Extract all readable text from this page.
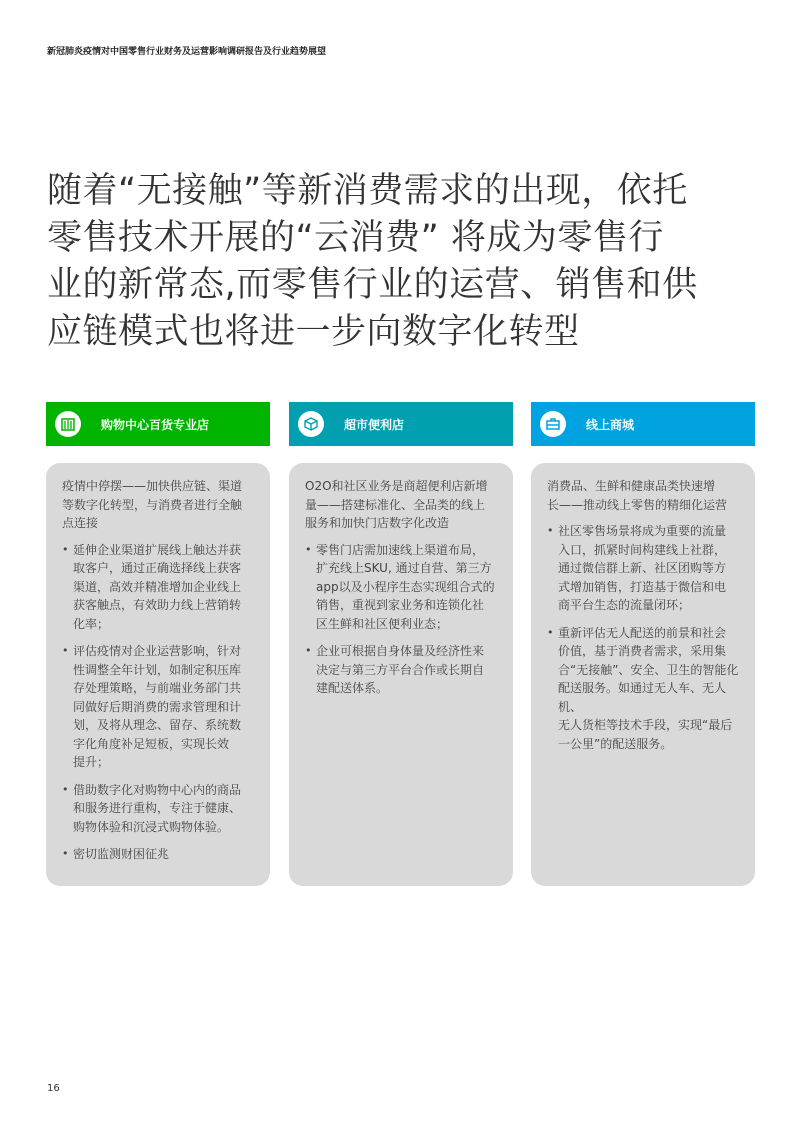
新冠肺炎疫情对中国零售行业财务及运营影响调研报告及行业趋势展望
随着“无接触”等新消费需求的出现，依托
零售技术开展的“云消费” 将成为零售行
业的新常态,而零售行业的运营、销售和供
应链模式也将进一步向数字化转型
购物中心百货专业店	超市便利店	线上商城
疫情中停摆——加快供应链、渠道
等数字化转型，与消费者进行全触
点连接
• 延伸企业渠道扩展线上触达并获
取客户，通过正确选择线上获客
渠道，高效并精准增加企业线上
获客触点，有效助力线上营销转
化率；
• 评估疫情对企业运营影响，针对
性调整全年计划，如制定积压库
存处理策略，与前端业务部门共
同做好后期消费的需求管理和计
划，及将从理念、留存、系统数
字化角度补足短板，实现长效
提升；
• 借助数字化对购物中心内的商品
和服务进行重构，专注于健康、
购物体验和沉浸式购物体验。
• 密切监测财困征兆
O2O和社区业务是商超便利店新增
量——搭建标准化、全品类的线上
服务和加快门店数字化改造
• 零售门店需加速线上渠道布局，
扩充线上SKU, 通过自营、第三方
app以及小程序生态实现组合式的
销售，重视到家业务和连锁化社
区生鲜和社区便利业态；
• 企业可根据自身体量及经济性来
决定与第三方平台合作或长期自
建配送体系。
消费品、生鲜和健康品类快速增
长——推动线上零售的精细化运营
• 社区零售场景将成为重要的流量
入口，抓紧时间构建线上社群，
通过微信群上新、社区团购等方
式增加销售，打造基于微信和电
商平台生态的流量闭环；
• 重新评估无人配送的前景和社会
价值，基于消费者需求，采用集
合“无接触”、安全、卫生的智能化
配送服务。如通过无人车、无人机、
无人货柜等技术手段，实现“最后
一公里”的配送服务。
16
